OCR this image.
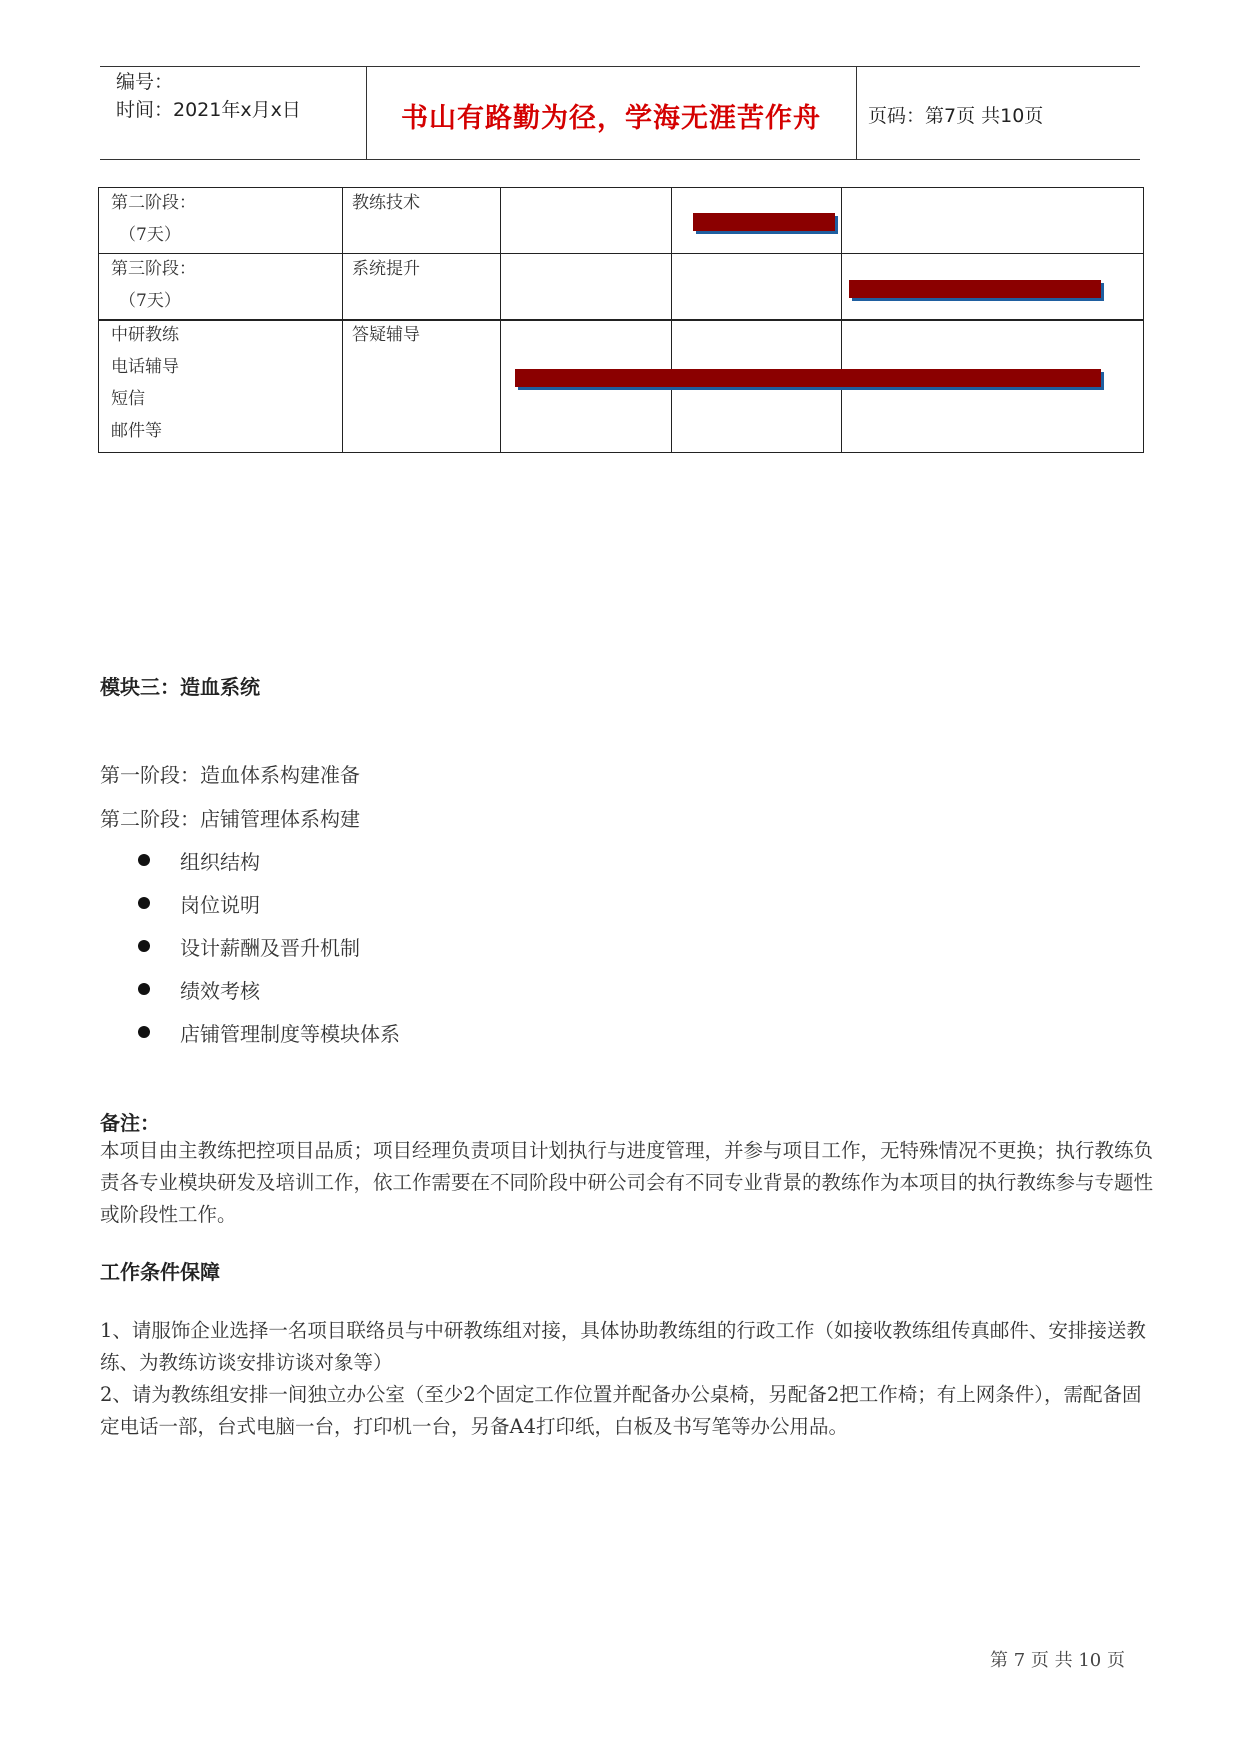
编号：
时间：2021年x月x日	书山有路勤为径，学海无涯苦作舟	页码：第7页 共10页
第二阶段：
（7天）
教练技术
第三阶段：
（7天）
系统提升
中研教练
电话辅导
短信
邮件等
答疑辅导
模块三：造血系统
第一阶段：造血体系构建准备
第二阶段：店铺管理体系构建
组织结构
岗位说明
设计薪酬及晋升机制
绩效考核
店铺管理制度等模块体系
备注：
本项目由主教练把控项目品质；项目经理负责项目计划执行与进度管理，并参与项目工作，无特殊情况不更换；执行教练负责各专业模块研发及培训工作，依工作需要在不同阶段中研公司会有不同专业背景的教练作为本项目的执行教练参与专题性或阶段性工作。
工作条件保障
1、请服饰企业选择一名项目联络员与中研教练组对接，具体协助教练组的行政工作（如接收教练组传真邮件、安排接送教练、为教练访谈安排访谈对象等）
2、请为教练组安排一间独立办公室（至少2个固定工作位置并配备办公桌椅，另配备2把工作椅；有上网条件），需配备固定电话一部，台式电脑一台，打印机一台，另备A4打印纸，白板及书写笔等办公用品。
第 7 页 共 10 页
